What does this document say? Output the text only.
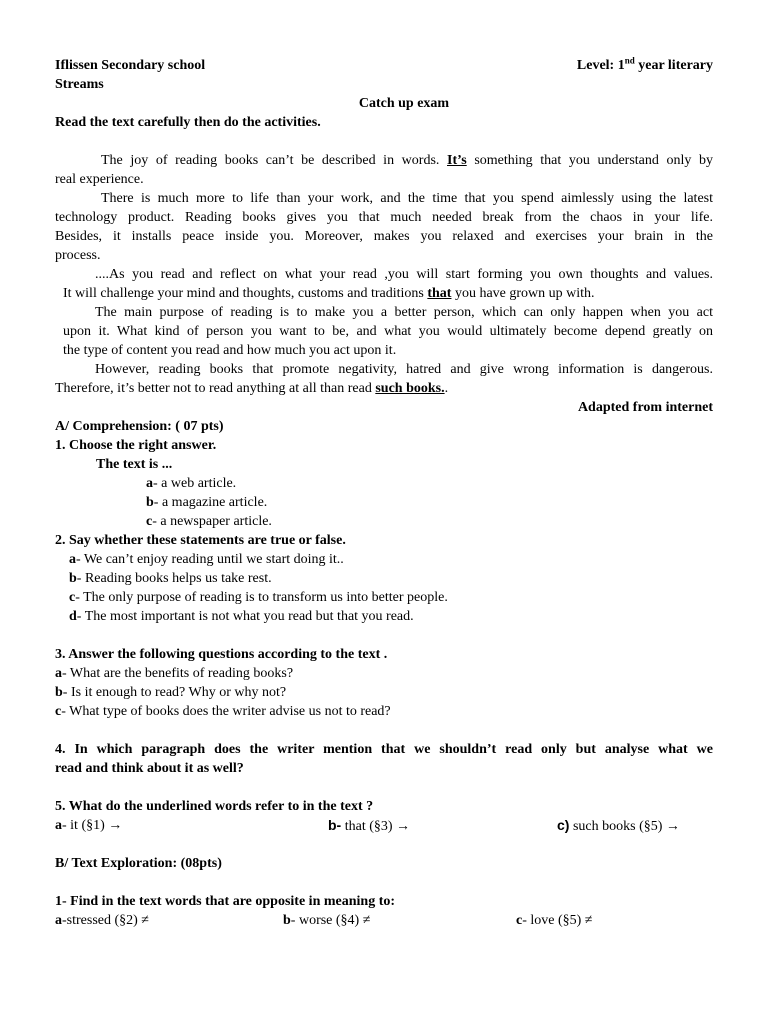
Iflissen Secondary school	Level: 1nd year literary
Streams
Catch up exam
Read the text carefully then do the activities.
The joy of reading books can’t be described in words. It’s something that you understand only by
real experience.
There is much more to life than your work, and the time that you spend aimlessly using the latest
technology product. Reading books gives you that much needed break from the chaos in your life.
Besides, it installs peace inside you. Moreover, makes you relaxed and exercises your brain in the
process.
....As you read and reflect on what your read ,you will start forming you own thoughts and values.
It will challenge your mind and thoughts, customs and traditions that you have grown up with.
The main purpose of reading is to make you a better person, which can only happen when you act
upon it. What kind of person you want to be, and what you would ultimately become depend greatly on
the type of content you read and how much you act upon it.
However, reading books that promote negativity, hatred and give wrong information is dangerous.
Therefore, it’s better not to read anything at all than read such books..
Adapted from internet
A/ Comprehension: ( 07 pts)
1. Choose the right answer.
The text is ...
a- a web article.
b- a magazine article.
c- a newspaper article.
2. Say whether these statements are true or false.
a- We can’t enjoy reading until we start doing it..
b- Reading books helps us take rest.
c- The only purpose of reading is to transform us into better people.
d- The most important is not what you read but that you read.
3. Answer the following questions according to the text .
a- What are the benefits of reading books?
b- Is it enough to read? Why or why not?
c- What type of books does the writer advise us not to read?
4. In which paragraph does the writer mention that we shouldn’t read only but analyse what we
read and think about it as well?
5. What do the underlined words refer to in the text ?
a- it (§1) →	b- that (§3) →	c) such books (§5) →
B/ Text Exploration: (08pts)
1- Find in the text words that are opposite in meaning to:
a-stressed (§2) ≠	b- worse (§4) ≠	c- love (§5) ≠
